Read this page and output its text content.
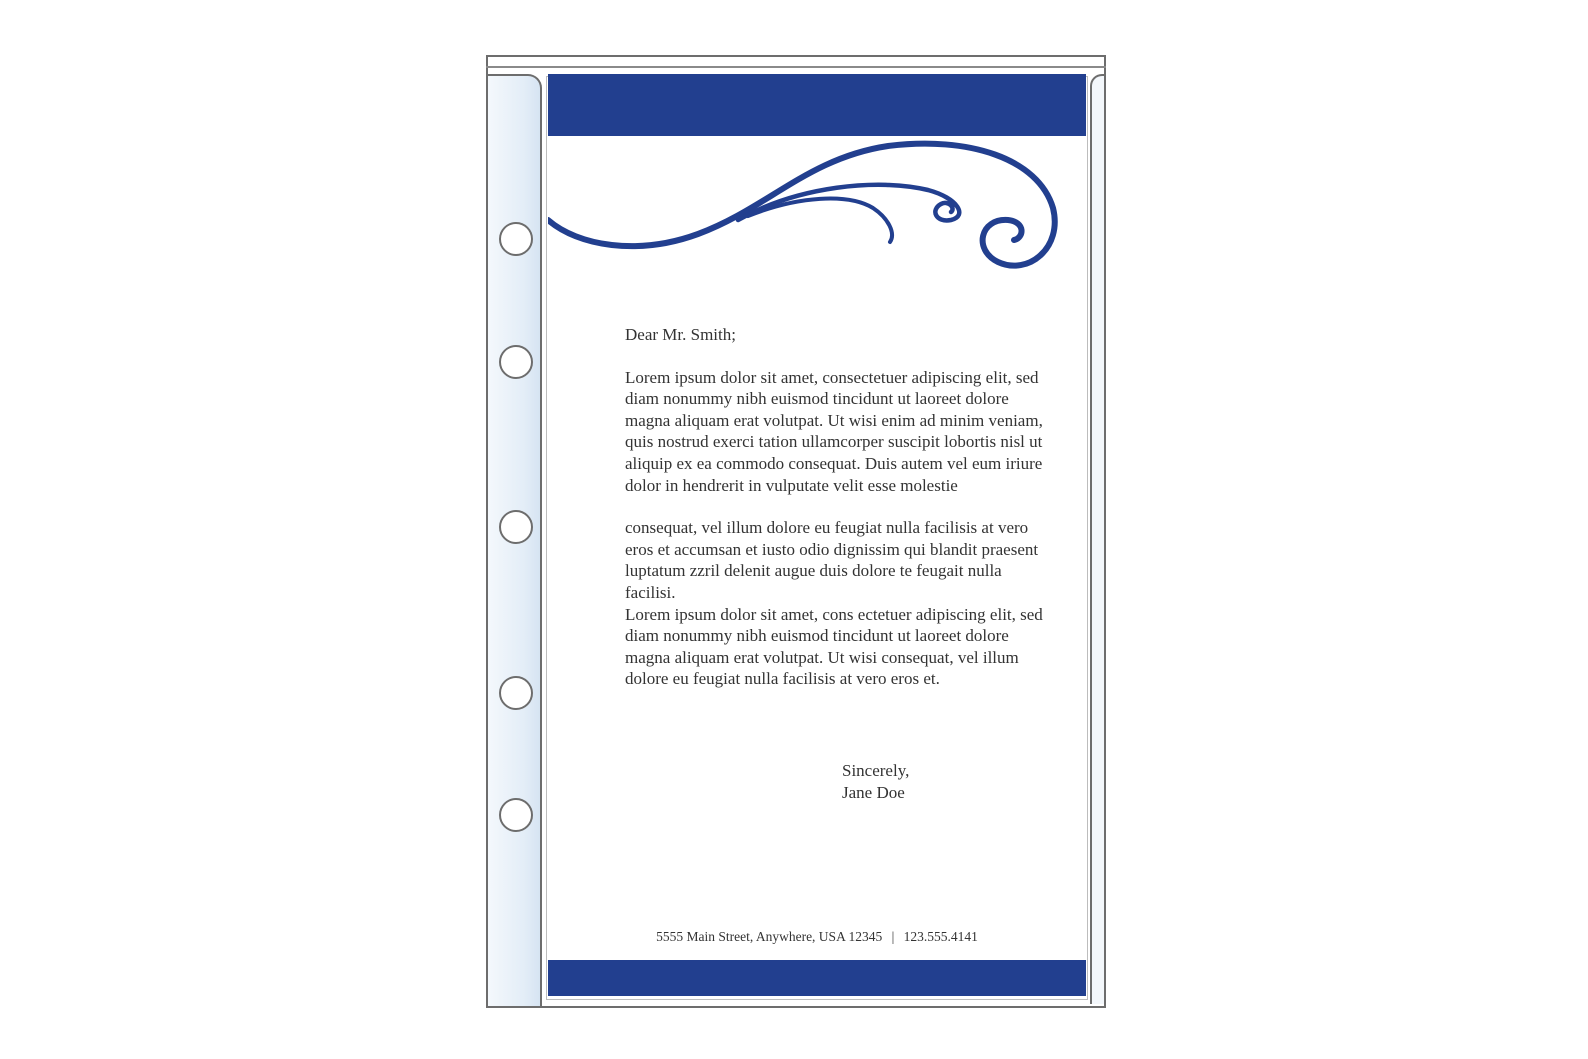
Dear Mr. Smith;

Lorem ipsum dolor sit amet, consectetuer adipiscing elit, sed diam nonummy nibh euismod tincidunt ut laoreet dolore magna aliquam erat volutpat. Ut wisi enim ad minim veniam, quis nostrud exerci tation ullamcorper suscipit lobortis nisl ut aliquip ex ea commodo consequat. Duis autem vel eum iriure dolor in hendrerit in vulputate velit esse molestie

consequat, vel illum dolore eu feugiat nulla facilisis at vero eros et accumsan et iusto odio dignissim qui blandit praesent luptatum zzril delenit augue duis dolore te feugait nulla facilisi.

Lorem ipsum dolor sit amet, cons ectetuer adipiscing elit, sed diam nonummy nibh euismod tincidunt ut laoreet dolore magna aliquam erat volutpat. Ut wisi consequat, vel illum dolore eu feugiat nulla facilisis at vero eros et.

Sincerely,
Jane Doe
5555 Main Street, Anywhere, USA 12345 | 123.555.4141
